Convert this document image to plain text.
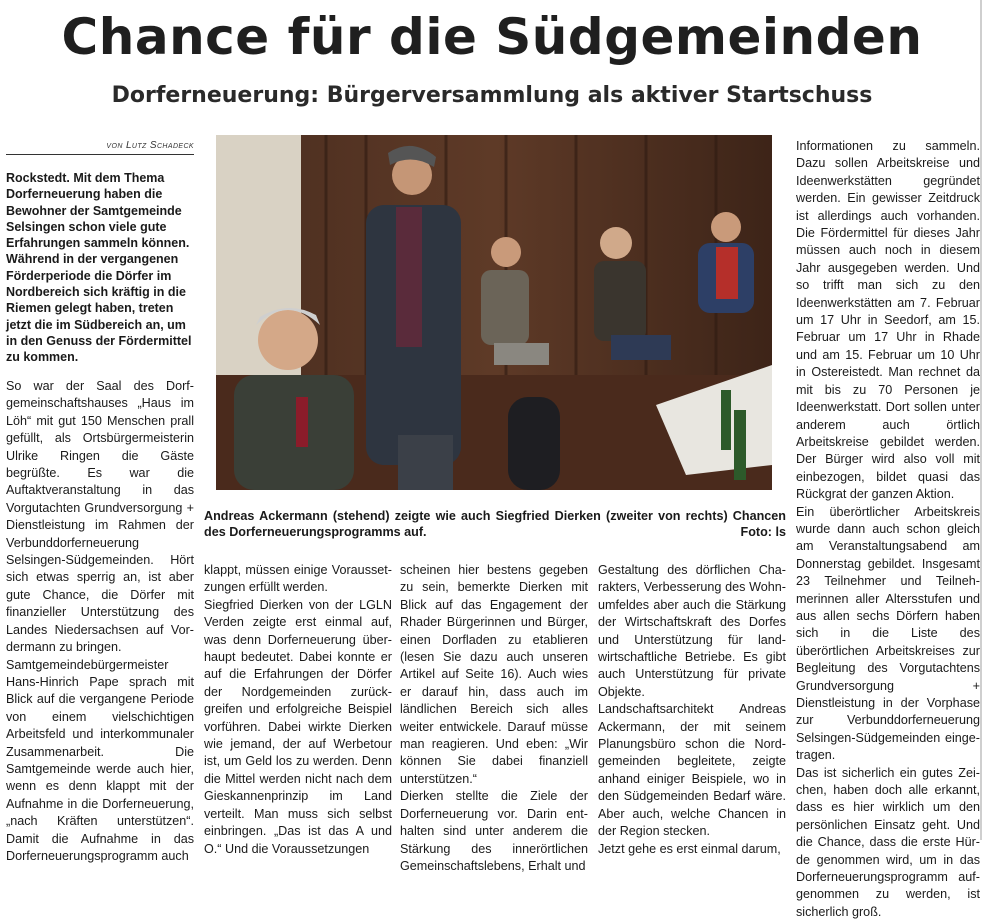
Chance für die Südgemeinden
Dorferneuerung: Bürgerversammlung als aktiver Startschuss
von Lutz Schadeck

Rockstedt. Mit dem Thema Dorferneuerung haben die Bewohner der Samtgemeinde Selsingen schon viele gute Erfahrungen sammeln können. Während in der vergangenen Förderperiode die Dörfer im Nordbereich sich kräftig in die Riemen gelegt haben, treten jetzt die im Südbereich an, um in den Genuss der Fördermittel zu kommen.

So war der Saal des Dorfgemeinschaftshauses „Haus im Löh“ mit gut 150 Menschen prall gefüllt, als Ortsbürgermeisterin Ulrike Ringen die Gäste begrüßte. Es war die Auftaktveranstaltung in das Vorgutachten Grundversorgung + Dienstleistung im Rahmen der Verbunddorferneuerung Selsingen-Südgemeinden. Hört sich etwas sperrig an, ist aber gute Chance, die Dörfer mit finanzieller Unterstützung des Landes Niedersachsen auf Vordermann zu bringen.

Samtgemeindebürgermeister Hans-Hinrich Pape sprach mit Blick auf die vergangene Periode von einem vielschichtigen Arbeitsfeld und interkommunaler Zusammenarbeit. Die Samtgemeinde werde auch hier, wenn es denn klappt mit der Aufnahme in die Dorferneuerung, „nach Kräften unterstützen“. Damit die Aufnahme in das Dorferneuerungsprogramm auch

Andreas Ackermann (stehend) zeigte wie auch Siegfried Dierken (zweiter von rechts) Chancen des Dorferneuerungsprogramms auf.	Foto: ls

klappt, müssen einige Voraussetzungen erfüllt werden.

Siegfried Dierken von der LGLN Verden zeigte erst einmal auf, was denn Dorferneuerung überhaupt bedeutet. Dabei konnte er auf die Erfahrungen der Dörfer der Nordgemeinden zurückgreifen und erfolgreiche Beispiel vorführen. Dabei wirkte Dierken wie jemand, der auf Werbetour ist, um Geld los zu werden. Denn die Mittel werden nicht nach dem Gieskannenprinzip im Land verteilt. Man muss sich selbst einbringen. „Das ist das A und O.“ Und die Voraussetzungen

scheinen hier bestens gegeben zu sein, bemerkte Dierken mit Blick auf das Engagement der Rhader Bürgerinnen und Bürger, einen Dorfladen zu etablieren (lesen Sie dazu auch unseren Artikel auf Seite 16). Auch wies er darauf hin, dass auch im ländlichen Bereich sich alles weiter entwickele. Darauf müsse man reagieren. Und eben: „Wir können Sie dabei finanziell unterstützen.“

Dierken stellte die Ziele der Dorferneuerung vor. Darin enthalten sind unter anderem die Stärkung des innerörtlichen Gemeinschaftslebens, Erhalt und

Gestaltung des dörflichen Charakters, Verbesserung des Wohnumfeldes aber auch die Stärkung der Wirtschaftskraft des Dorfes und Unterstützung für landwirtschaftliche Betriebe. Es gibt auch Unterstützung für private Objekte.

Landschaftsarchitekt Andreas Ackermann, der mit seinem Planungsbüro schon die Nordgemeinden begleitete, zeigte anhand einiger Beispiele, wo in den Südgemeinden Bedarf wäre. Aber auch, welche Chancen in der Region stecken.

Jetzt gehe es erst einmal darum,

Informationen zu sammeln. Dazu sollen Arbeitskreise und Ideenwerkstätten gegründet werden. Ein gewisser Zeitdruck ist allerdings auch vorhanden. Die Fördermittel für dieses Jahr müssen auch noch in diesem Jahr ausgegeben werden. Und so trifft man sich zu den Ideenwerkstätten am 7. Februar um 17 Uhr in Seedorf, am 15. Februar um 17 Uhr in Rhade und am 15. Februar um 10 Uhr in Ostereistedt. Man rechnet da mit bis zu 70 Personen je Ideenwerkstatt. Dort sollen unter anderem auch örtlich Arbeitskreise gebildet werden. Der Bürger wird also voll mit einbezogen, bildet quasi das Rückgrat der ganzen Aktion.

Ein überörtlicher Arbeitskreis wurde dann auch schon gleich am Veranstaltungsabend am Donnerstag gebildet. Insgesamt 23 Teilnehmer und Teilnehmerinnen aller Altersstufen und aus allen sechs Dörfern haben sich in die Liste des überörtlichen Arbeitskreises zur Begleitung des Vorgutachtens Grundversorgung + Dienstleistung in der Vorphase zur Verbunddorferneuerung Selsingen-Südgemeinden eingetragen.

Das ist sicherlich ein gutes Zeichen, haben doch alle erkannt, dass es hier wirklich um den persönlichen Einsatz geht. Und die Chance, dass die erste Hürde genommen wird, um in das Dorferneuerungsprogramm aufgenommen zu werden, ist sicherlich groß.
